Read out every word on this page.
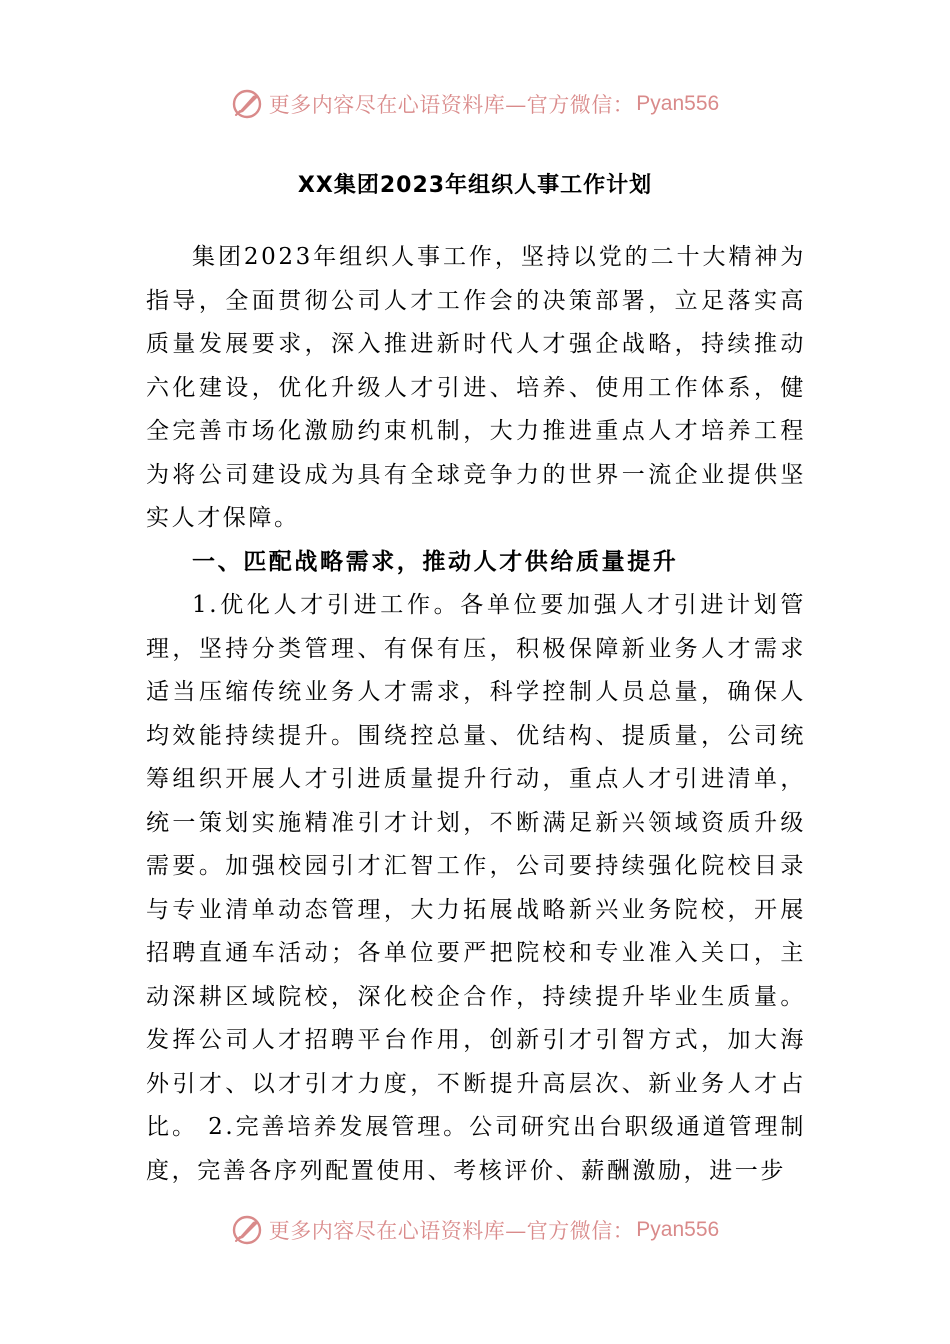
更多内容尽在心语资料库—官方微信： Pyan556
XX集团2023年组织人事工作计划

集团2023年组织人事工作，坚持以党的二十大精神为指导，全面贯彻公司人才工作会的决策部署，立足落实高质量发展要求，深入推进新时代人才强企战略，持续推动六化建设，优化升级人才引进、培养、使用工作体系，健全完善市场化激励约束机制，大力推进重点人才培养工程为将公司建设成为具有全球竞争力的世界一流企业提供坚实人才保障。

一、匹配战略需求，推动人才供给质量提升

1.优化人才引进工作。各单位要加强人才引进计划管理，坚持分类管理、有保有压，积极保障新业务人才需求适当压缩传统业务人才需求，科学控制人员总量，确保人均效能持续提升。围绕控总量、优结构、提质量，公司统筹组织开展人才引进质量提升行动，重点人才引进清单，统一策划实施精准引才计划，不断满足新兴领域资质升级需要。加强校园引才汇智工作，公司要持续强化院校目录与专业清单动态管理，大力拓展战略新兴业务院校，开展招聘直通车活动；各单位要严把院校和专业准入关口，主动深耕区域院校，深化校企合作，持续提升毕业生质量。发挥公司人才招聘平台作用，创新引才引智方式，加大海外引才、以才引才力度，不断提升高层次、新业务人才占比。 2.完善培养发展管理。公司研究出台职级通道管理制度，完善各序列配置使用、考核评价、薪酬激励，进一步

更多内容尽在心语资料库—官方微信： Pyan556
